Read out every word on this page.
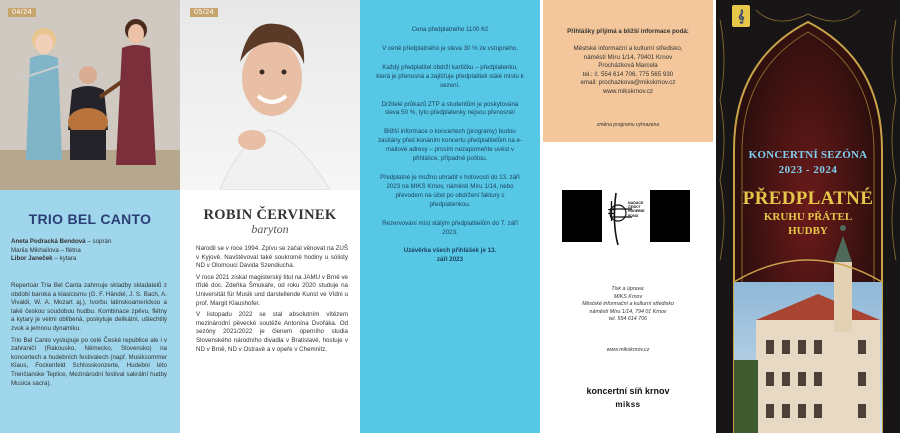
04/24
TRIO BEL CANTO
Aneta Podracká Bendová – soprán
Mariia Mikhailova – flétna
Libor Janeček – kytara

Repertoár Tria Bel Canta zahrnuje skladby skladatelů z období baroka a klasicismu (G. F. Händel, J. S. Bach, A. Vivaldi, W. A. Mozart aj.), tvorbu latinskoamerickou a také českou soudobou hudbu. Kombinace zpěvu, flétny a kytary je velmi oblíbená, poskytuje delikátní, ušlechtilý zvuk a jemnou dynamiku.

Trio Bel Canto vystupuje po celé České republice ale i v zahraničí (Rakousko, Německo, Slovensko) na koncertech a hudebních festivalech (např. Musiksommer Klaus, Fockenfeld Schlosskonzerte, Hudební léto Trenčianske Teplice, Mezinárodní festival sakrální hudby Musica sacra).

05/24
ROBIN ČERVINEK
baryton

Narodil se v roce 1994. Zpívu se začal věnovat na ZUŠ v Kyjově. Navštěvoval také soukromé hodiny u sólisty ND v Olomouci Davida Szendiucha.

V roce 2021 získal magisterský titul na JAMU v Brně ve třídě doc. Zdeňka Šmukaře, od roku 2020 studuje na Universität für Musik und darstellende Kunst ve Vídni u prof. Margit Klaushofer.

V listopadu 2022 se stal absolutním vítězem mezinárodní pěvecké soutěže Antonína Dvořáka. Od sezóny 2021/2022 je členem operního studia Slovenského národního divadla v Bratislavě, hostuje v ND v Brně, ND v Ostravě a v opeře v Chemnitz.

Cena předplatného 1100 Kč

V ceně předplatného je sleva 30 % ze vstupného.

Každý předplatitel obdrží kartičku – předplatenku, která je přenosná a zajišťuje předplatiteli stálé místo k sezení.

Držitelé průkazů ZTP a studentům je poskytována sleva 50 %, tyto předplatenky nejsou přenosné!

Bližší informace o koncertech (programy) budou zasílány před konáním koncertu předplatitelům na e-mailové adresy – prosím nezapomeňte uvést v přihlášce, případně poštou.

Předplatné je možno uhradit v hotovosti do 13. září 2023 na MIKS Krnov, náměstí Míru 1/14, nebo převodem na účet po obdržení faktury s předplatenkou.

Rezervování míst stálým předplatitelům do 7. září 2023.

Uzávěrka všech přihlášek je 13. září 2023

Přihlášky přijímá a bližší informace podá:
Městské informační a kulturní středisko,
náměstí Míru 1/14, 79401 Krnov
Procházková Marcela
tel.: č. 554 614 706, 775 565 930
email: prochazkova@mikskrnov.cz
www.mikskrnov.cz
změna programu vyhrazena
ǂ	NADACE ČESKÝ HUDEBNÍ FOND
Tisk a úprava:
MIKS Krnov
Městské informační a kulturní středisko
náměstí Míru 1/14, 794 01 Krnov
tel. 554 614 706
www.mikskrnov.cz
koncertní síň krnov
mikss
𝄞
KONCERTNÍ SEZÓNA
2023 - 2024
PŘEDPLATNÉ
KRUHU PŘÁTEL
HUDBY
